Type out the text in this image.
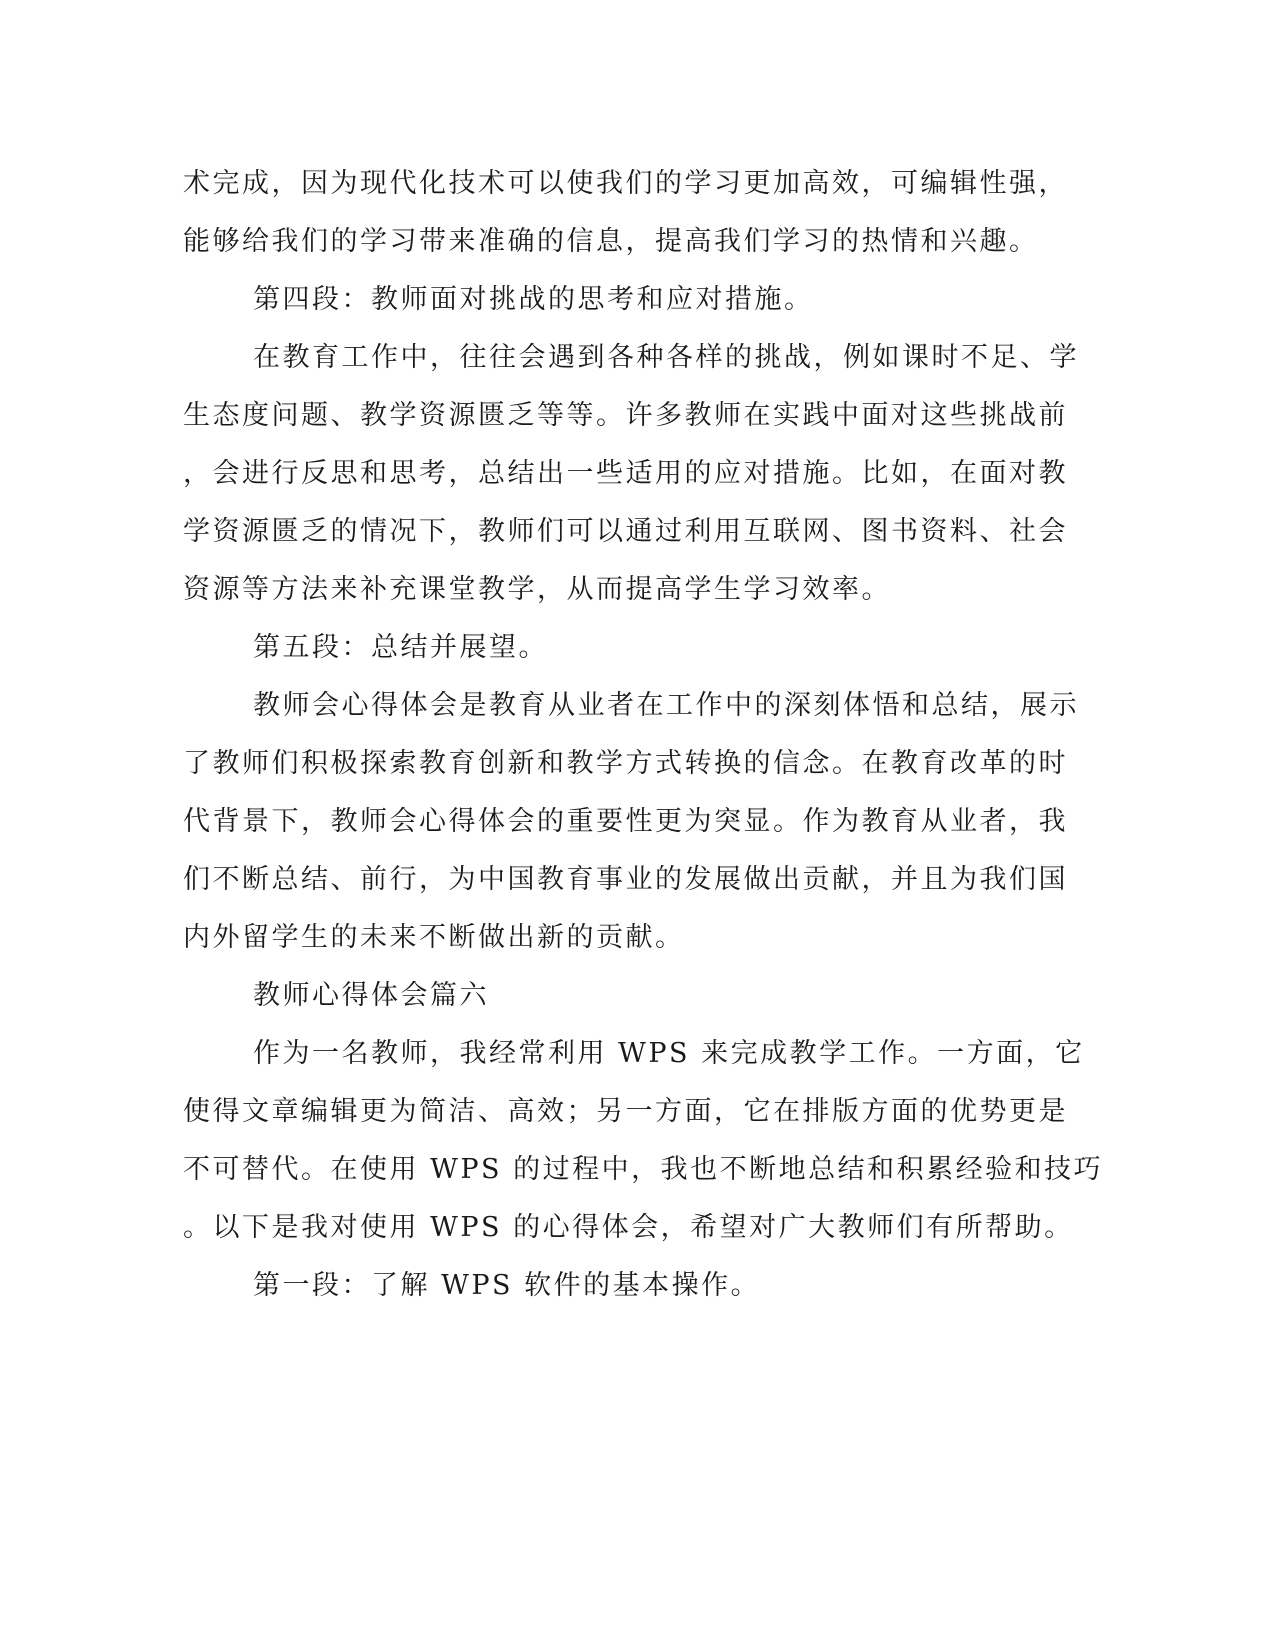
术完成，因为现代化技术可以使我们的学习更加高效，可编辑性强，
能够给我们的学习带来准确的信息，提高我们学习的热情和兴趣。
第四段：教师面对挑战的思考和应对措施。
在教育工作中，往往会遇到各种各样的挑战，例如课时不足、学
生态度问题、教学资源匮乏等等。许多教师在实践中面对这些挑战前
，会进行反思和思考，总结出一些适用的应对措施。比如，在面对教
学资源匮乏的情况下，教师们可以通过利用互联网、图书资料、社会
资源等方法来补充课堂教学，从而提高学生学习效率。
第五段：总结并展望。
教师会心得体会是教育从业者在工作中的深刻体悟和总结，展示
了教师们积极探索教育创新和教学方式转换的信念。在教育改革的时
代背景下，教师会心得体会的重要性更为突显。作为教育从业者，我
们不断总结、前行，为中国教育事业的发展做出贡献，并且为我们国
内外留学生的未来不断做出新的贡献。
教师心得体会篇六
作为一名教师，我经常利用 WPS 来完成教学工作。一方面，它
使得文章编辑更为简洁、高效；另一方面，它在排版方面的优势更是
不可替代。在使用 WPS 的过程中，我也不断地总结和积累经验和技巧
。以下是我对使用 WPS 的心得体会，希望对广大教师们有所帮助。
第一段：了解 WPS 软件的基本操作。
